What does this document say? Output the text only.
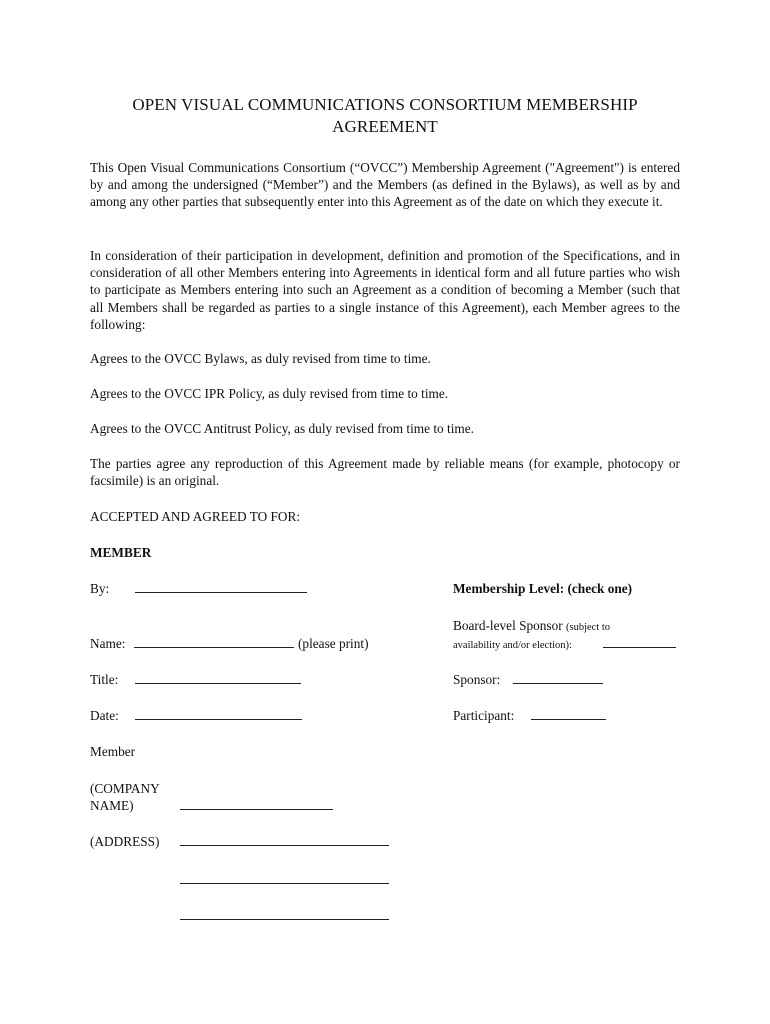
OPEN VISUAL COMMUNICATIONS CONSORTIUM MEMBERSHIP
AGREEMENT
This Open Visual Communications Consortium (“OVCC”) Membership Agreement ("Agreement") is entered by and among the undersigned (“Member”) and the Members (as defined in the Bylaws), as well as by and among any other parties that subsequently enter into this Agreement as of the date on which they execute it.
In consideration of their participation in development, definition and promotion of the Specifications, and in consideration of all other Members entering into Agreements in identical form and all future parties who wish to participate as Members entering into such an Agreement as a condition of becoming a Member (such that all Members shall be regarded as parties to a single instance of this Agreement), each Member agrees to the following:
Agrees to the OVCC Bylaws, as duly revised from time to time.
Agrees to the OVCC IPR Policy, as duly revised from time to time.
Agrees to the OVCC Antitrust Policy, as duly revised from time to time.
The parties agree any reproduction of this Agreement made by reliable means (for example, photocopy or facsimile) is an original.
ACCEPTED AND AGREED TO FOR:
MEMBER
By:
Name:	(please print)
Title:
Date:
Member
(COMPANY
NAME)
(ADDRESS)
Membership Level: (check one)
Board-level Sponsor (subject to
availability and/or election):
Sponsor:
Participant:
